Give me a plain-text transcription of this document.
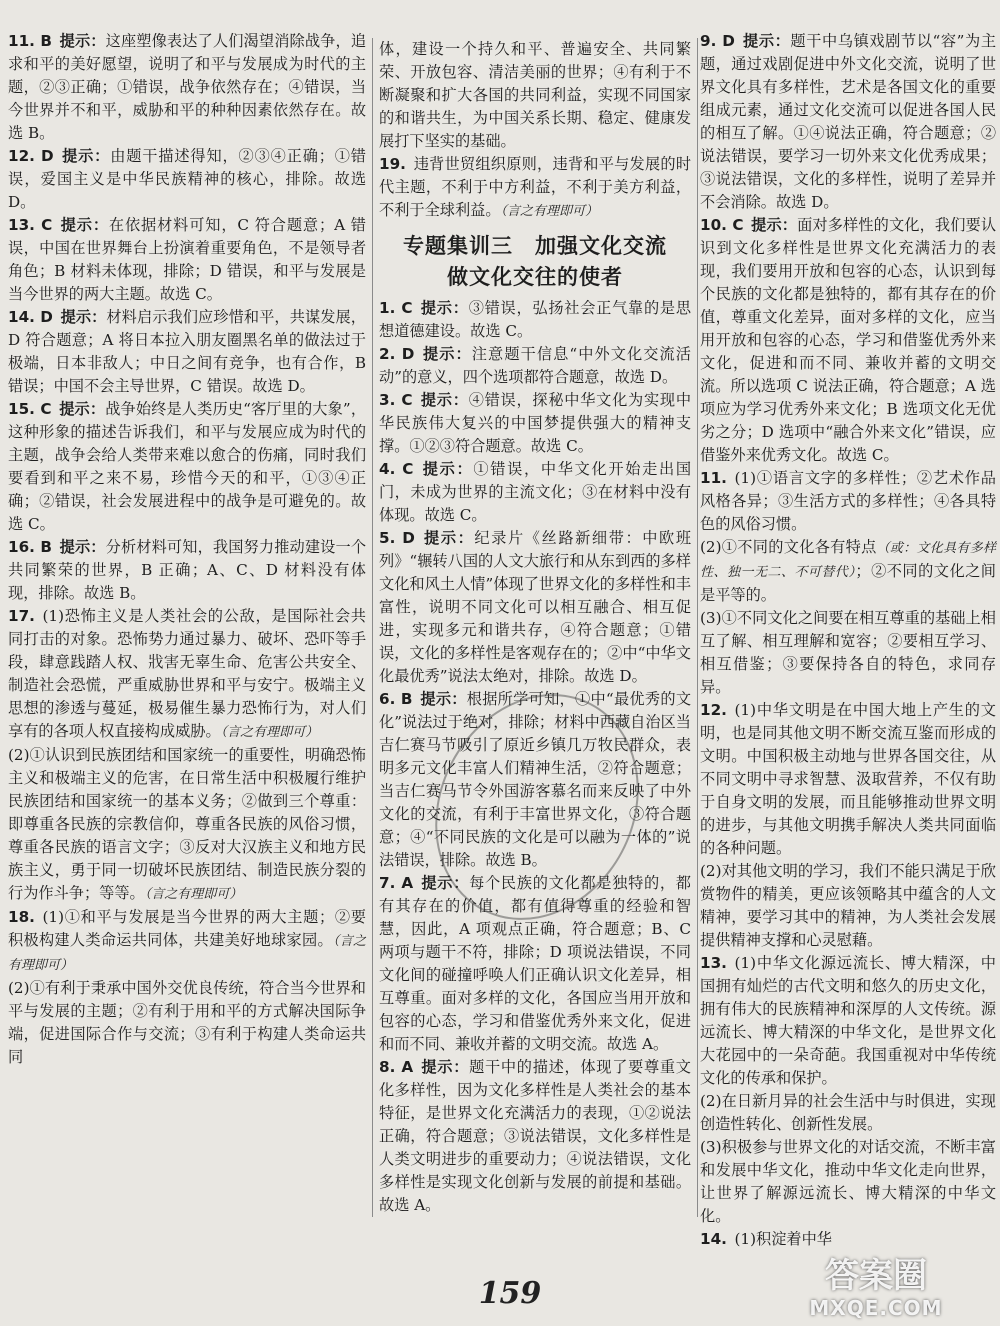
11. B  提示：这座塑像表达了人们渴望消除战争，追求和平的美好愿望，说明了和平与发展成为时代的主题，②③正确；①错误，战争依然存在；④错误，当今世界并不和平，威胁和平的种种因素依然存在。故选 B。

12. D  提示：由题干描述得知，②③④正确；①错误，爱国主义是中华民族精神的核心，排除。故选 D。

13. C  提示：在依据材料可知，C 符合题意；A 错误，中国在世界舞台上扮演着重要角色，不是领导者角色；B 材料未体现，排除；D 错误，和平与发展是当今世界的两大主题。故选 C。

14. D  提示：材料启示我们应珍惜和平，共谋发展，D 符合题意；A 将日本拉入朋友圈黑名单的做法过于极端，日本非敌人；中日之间有竞争，也有合作，B 错误；中国不会主导世界，C 错误。故选 D。

15. C  提示：战争始终是人类历史“客厅里的大象”，这种形象的描述告诉我们，和平与发展应成为时代的主题，战争会给人类带来难以愈合的伤痛，同时我们要看到和平之来不易，珍惜今天的和平，①③④正确；②错误，社会发展进程中的战争是可避免的。故选 C。

16. B  提示：分析材料可知，我国努力推动建设一个共同繁荣的世界，B 正确；A、C、D 材料没有体现，排除。故选 B。

17.  (1)恐怖主义是人类社会的公敌，是国际社会共同打击的对象。恐怖势力通过暴力、破坏、恐吓等手段，肆意践踏人权、戕害无辜生命、危害公共安全、制造社会恐慌，严重威胁世界和平与安宁。极端主义思想的渗透与蔓延，极易催生暴力恐怖行为，对人们享有的各项人权直接构成威胁。（言之有理即可）

(2)①认识到民族团结和国家统一的重要性，明确恐怖主义和极端主义的危害，在日常生活中积极履行维护民族团结和国家统一的基本义务；②做到三个尊重：即尊重各民族的宗教信仰，尊重各民族的风俗习惯，尊重各民族的语言文字；③反对大汉族主义和地方民族主义，勇于同一切破坏民族团结、制造民族分裂的行为作斗争；等等。（言之有理即可）

18.  (1)①和平与发展是当今世界的两大主题；②要积极构建人类命运共同体，共建美好地球家园。（言之有理即可）

(2)①有利于秉承中国外交优良传统，符合当今世界和平与发展的主题；②有利于用和平的方式解决国际争端，促进国际合作与交流；③有利于构建人类命运共同

体，建设一个持久和平、普遍安全、共同繁荣、开放包容、清洁美丽的世界；④有利于不断凝聚和扩大各国的共同利益，实现不同国家的和谐共生，为中国关系长期、稳定、健康发展打下坚实的基础。

19.  违背世贸组织原则，违背和平与发展的时代主题，不利于中方利益，不利于美方利益，不利于全球利益。（言之有理即可）

专题集训三　加强文化交流
做文化交往的使者

1. C  提示：③错误，弘扬社会正气靠的是思想道德建设。故选 C。

2. D  提示：注意题干信息“中外文化交流活动”的意义，四个选项都符合题意，故选 D。

3. C  提示：④错误，探秘中华文化为实现中华民族伟大复兴的中国梦提供强大的精神支撑。①②③符合题意。故选 C。

4. C  提示：①错误，中华文化开始走出国门，未成为世界的主流文化；③在材料中没有体现。故选 C。

5. D  提示：纪录片《丝路新细带：中欧班列》“辗转八国的人文大旅行和从东到西的多样文化和风土人情”体现了世界文化的多样性和丰富性，说明不同文化可以相互融合、相互促进，实现多元和谐共存，④符合题意；①错误，文化的多样性是客观存在的；②中“中华文化最优秀”说法太绝对，排除。故选 D。

6. B  提示：根据所学可知，①中“最优秀的文化”说法过于绝对，排除；材料中西藏自治区当吉仁赛马节吸引了原近乡镇几万牧民群众，表明多元文化丰富人们精神生活，②符合题意；当吉仁赛马节令外国游客慕名而来反映了中外文化的交流，有利于丰富世界文化，③符合题意；④“不同民族的文化是可以融为一体的”说法错误，排除。故选 B。

7. A  提示：每个民族的文化都是独特的，都有其存在的价值，都有值得尊重的经验和智慧，因此，A 项观点正确，符合题意；B、C 两项与题干不符，排除；D 项说法错误，不同文化间的碰撞呼唤人们正确认识文化差异，相互尊重。面对多样的文化，各国应当用开放和包容的心态，学习和借鉴优秀外来文化，促进和而不同、兼收并蓄的文明交流。故选 A。

8. A  提示：题干中的描述，体现了要尊重文化多样性，因为文化多样性是人类社会的基本特征，是世界文化充满活力的表现，①②说法正确，符合题意；③说法错误，文化多样性是人类文明进步的重要动力；④说法错误，文化多样性是实现文化创新与发展的前提和基础。故选 A。

9. D  提示：题干中乌镇戏剧节以“容”为主题，通过戏剧促进中外文化交流，说明了世界文化具有多样性，艺术是各国文化的重要组成元素，通过文化交流可以促进各国人民的相互了解。①④说法正确，符合题意；②说法错误，要学习一切外来文化优秀成果；③说法错误，文化的多样性，说明了差异并不会消除。故选 D。

10. C  提示：面对多样性的文化，我们要认识到文化多样性是世界文化充满活力的表现，我们要用开放和包容的心态，认识到每个民族的文化都是独特的，都有其存在的价值，尊重文化差异，面对多样的文化，应当用开放和包容的心态，学习和借鉴优秀外来文化，促进和而不同、兼收并蓄的文明交流。所以选项 C 说法正确，符合题意；A 选项应为学习优秀外来文化；B 选项文化无优劣之分；D 选项中“融合外来文化”错误，应借鉴外来优秀文化。故选 C。

11.  (1)①语言文字的多样性；②艺术作品风格各异；③生活方式的多样性；④各具特色的风俗习惯。

(2)①不同的文化各有特点（或：文化具有多样性、独一无二、不可替代）；②不同的文化之间是平等的。

(3)①不同文化之间要在相互尊重的基础上相互了解、相互理解和宽容；②要相互学习、相互借鉴；③要保持各自的特色，求同存异。

12.  (1)中华文明是在中国大地上产生的文明，也是同其他文明不断交流互鉴而形成的文明。中国积极主动地与世界各国交往，从不同文明中寻求智慧、汲取营养，不仅有助于自身文明的发展，而且能够推动世界文明的进步，与其他文明携手解决人类共同面临的各种问题。

(2)对其他文明的学习，我们不能只满足于欣赏物件的精美，更应该领略其中蕴含的人文精神，要学习其中的精神，为人类社会发展提供精神支撑和心灵慰藉。

13.  (1)中华文化源远流长、博大精深，中国拥有灿烂的古代文明和悠久的历史文化，拥有伟大的民族精神和深厚的人文传统。源远流长、博大精深的中华文化，是世界文化大花园中的一朵奇葩。我国重视对中华传统文化的传承和保护。

(2)在日新月异的社会生活中与时俱进，实现创造性转化、创新性发展。

(3)积极参与世界文化的对话交流，不断丰富和发展中华文化，推动中华文化走向世界，让世界了解源远流长、博大精深的中华文化。

14.  (1)积淀着中华

159	答案圈
MXQE.COM
